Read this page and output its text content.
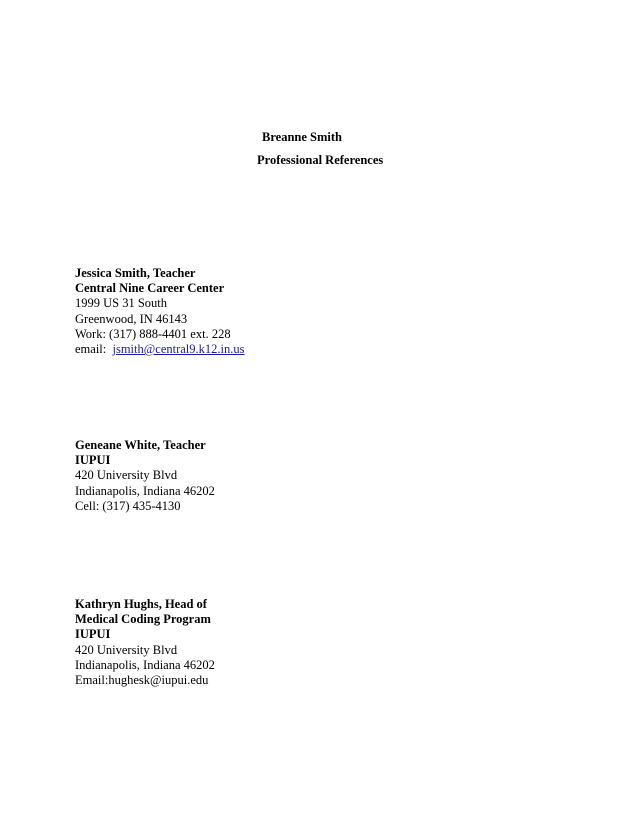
Breanne Smith
Professional References
Jessica Smith, Teacher
Central Nine Career Center
1999 US 31 South
Greenwood, IN 46143
Work: (317) 888-4401 ext. 228
email:  jsmith@central9.k12.in.us
Geneane White, Teacher
IUPUI
420 University Blvd
Indianapolis, Indiana 46202
Cell: (317) 435-4130
Kathryn Hughs, Head of
Medical Coding Program
IUPUI
420 University Blvd
Indianapolis, Indiana 46202
Email:hughesk@iupui.edu
